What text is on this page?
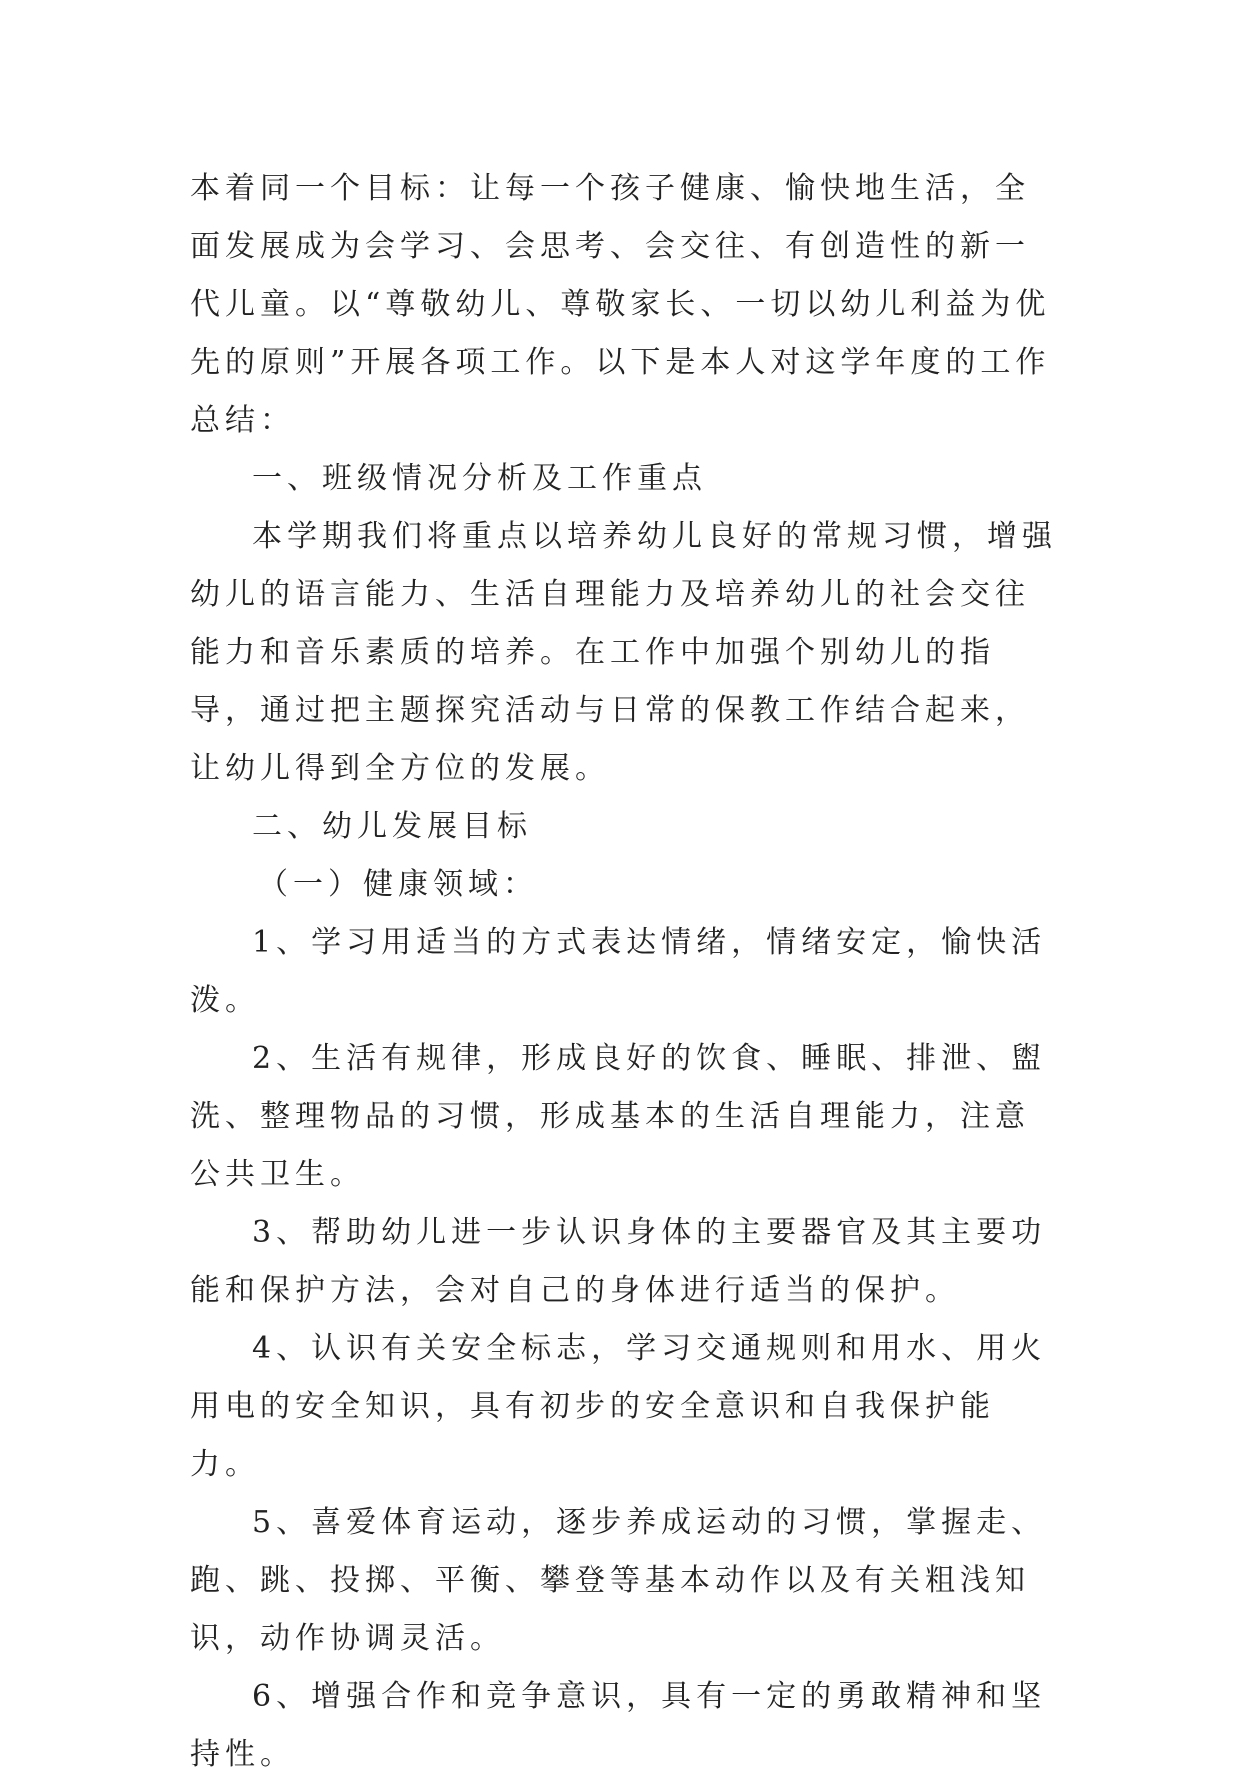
本着同一个目标：让每一个孩子健康、愉快地生活，全面发展成为会学习、会思考、会交往、有创造性的新一代儿童。以“尊敬幼儿、尊敬家长、一切以幼儿利益为优先的原则”开展各项工作。以下是本人对这学年度的工作总结：

一、班级情况分析及工作重点

本学期我们将重点以培养幼儿良好的常规习惯，增强幼儿的语言能力、生活自理能力及培养幼儿的社会交往能力和音乐素质的培养。在工作中加强个别幼儿的指导，通过把主题探究活动与日常的保教工作结合起来，让幼儿得到全方位的发展。

二、幼儿发展目标

（一）健康领域：

1、学习用适当的方式表达情绪，情绪安定，愉快活泼。

2、生活有规律，形成良好的饮食、睡眠、排泄、盥洗、整理物品的习惯，形成基本的生活自理能力，注意公共卫生。

3、帮助幼儿进一步认识身体的主要器官及其主要功能和保护方法，会对自己的身体进行适当的保护。

4、认识有关安全标志，学习交通规则和用水、用火用电的安全知识，具有初步的安全意识和自我保护能力。

5、喜爱体育运动，逐步养成运动的习惯，掌握走、跑、跳、投掷、平衡、攀登等基本动作以及有关粗浅知识，动作协调灵活。

6、增强合作和竞争意识，具有一定的勇敢精神和坚持性。
